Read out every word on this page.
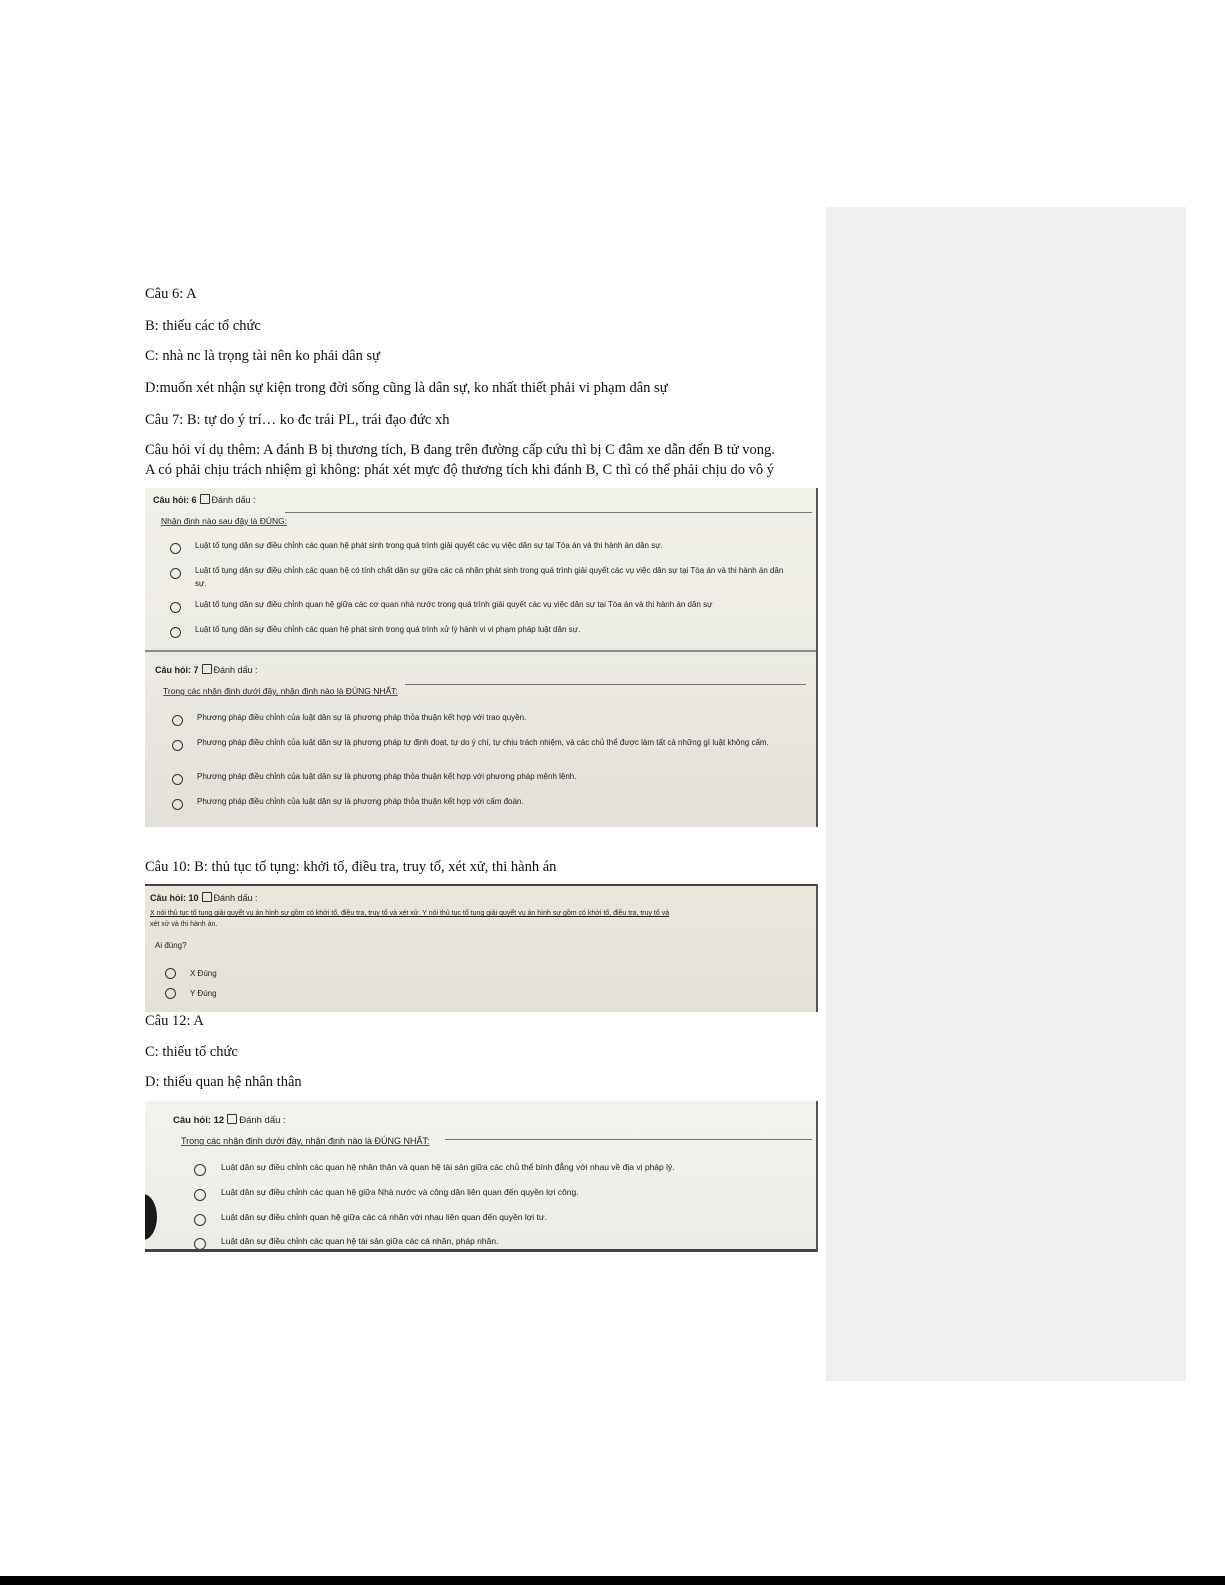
Câu 6: A
B: thiếu các tổ chức
C: nhà nc là trọng tài nên ko phải dân sự
D:muốn xét nhận sự kiện trong đời sống cũng là dân sự, ko nhất thiết phải vi phạm dân sự
Câu 7: B: tự do ý trí… ko đc trái PL, trái đạo đức xh
Câu hỏi ví dụ thêm: A đánh B bị thương tích, B đang trên đường cấp cứu thì bị C đâm xe dẫn đến B tử vong.
A có phải chịu trách nhiệm gì không: phát xét mực độ thương tích khi đánh B, C thì có thể phải chịu do vô ý
Câu hỏi: 6 Đánh dấu :
Nhận định nào sau đây là ĐÚNG:
Luật tố tụng dân sự điều chỉnh các quan hệ phát sinh trong quá trình giải quyết các vụ việc dân sự tại Tòa án và thi hành án dân sự.
Luật tố tụng dân sự điều chỉnh các quan hệ có tính chất dân sự giữa các cá nhân phát sinh trong quá trình giải quyết các vụ việc dân sự tại Tòa án và thi hành án dân sự.
Luật tố tụng dân sự điều chỉnh quan hệ giữa các cơ quan nhà nước trong quá trình giải quyết các vụ việc dân sự tại Tòa án và thi hành án dân sự
Luật tố tụng dân sự điều chỉnh các quan hệ phát sinh trong quá trình xử lý hành vi vi phạm pháp luật dân sự.
Câu hỏi: 7 Đánh dấu :
Trong các nhận định dưới đây, nhận định nào là ĐÚNG NHẤT:
Phương pháp điều chỉnh của luật dân sự là phương pháp thỏa thuận kết hợp với trao quyền.
Phương pháp điều chỉnh của luật dân sự là phương pháp tự định đoạt, tự do ý chí, tự chịu trách nhiệm, và các chủ thể được làm tất cả những gì luật không cấm.
Phương pháp điều chỉnh của luật dân sự là phương pháp thỏa thuận kết hợp với phương pháp mệnh lệnh.
Phương pháp điều chỉnh của luật dân sự là phương pháp thỏa thuận kết hợp với cấm đoán.
Câu 10: B: thủ tục tố tụng: khởi tố, điều tra, truy tố, xét xử, thi hành án
Câu hỏi: 10 Đánh dấu :
X nói thủ tục tố tụng giải quyết vụ án hình sự gồm có khởi tố, điều tra, truy tố và xét xử. Y nói thủ tục tố tụng giải quyết vụ án hình sự gồm có khởi tố, điều tra, truy tố và
xét xử và thi hành án.
Ai đúng?
X Đúng
Y Đúng
Câu 12: A
C: thiếu tổ chức
D: thiếu quan hệ nhân thân
Câu hỏi: 12 Đánh dấu :
Trong các nhận định dưới đây, nhận định nào là ĐÚNG NHẤT:
Luật dân sự điều chỉnh các quan hệ nhân thân và quan hệ tài sản giữa các chủ thể bình đẳng với nhau về địa vị pháp lý.
Luật dân sự điều chỉnh các quan hệ giữa Nhà nước và công dân liên quan đến quyền lợi công.
Luật dân sự điều chỉnh quan hệ giữa các cá nhân với nhau liên quan đến quyền lợi tư.
Luật dân sự điều chỉnh các quan hệ tài sản giữa các cá nhân, pháp nhân.
